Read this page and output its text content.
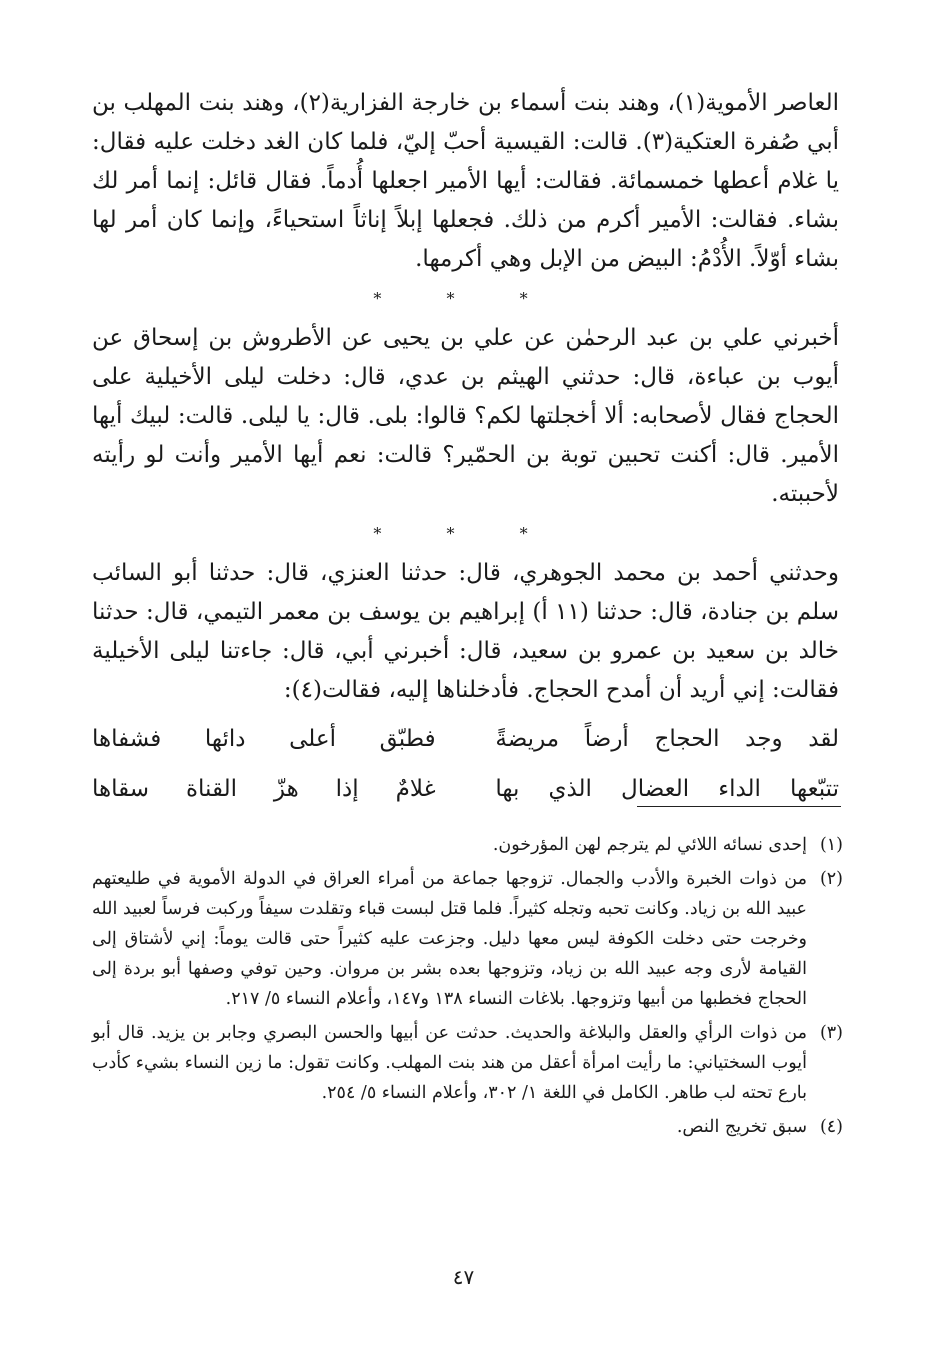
العاصر الأموية(١)، وهند بنت أسماء بن خارجة الفزارية(٢)، وهند بنت المهلب بن أبي صُفرة العتكية(٣). قالت: القيسية أحبّ إليّ، فلما كان الغد دخلت عليه فقال: يا غلام أعطها خمسمائة. فقالت: أيها الأمير اجعلها أُدماً. فقال قائل: إنما أمر لك بشاء. فقالت: الأمير أكرم من ذلك. فجعلها إبلاً إناثاً استحياءً، وإنما كان أمر لها بشاء أوّلاً. الأُدْمُ: البيض من الإبل وهي أكرمها.

* * *

أخبرني علي بن عبد الرحمٰن عن علي بن يحيى عن الأطروش بن إسحاق عن أيوب بن عباءة، قال: حدثني الهيثم بن عدي، قال: دخلت ليلى الأخيلية على الحجاج فقال لأصحابه: ألا أخجلتها لكم؟ قالوا: بلى. قال: يا ليلى. قالت: لبيك أيها الأمير. قال: أكنت تحبين توبة بن الحمّير؟ قالت: نعم أيها الأمير وأنت لو رأيته لأحببته.

* * *

وحدثني أحمد بن محمد الجوهري، قال: حدثنا العنزي، قال: حدثنا أبو السائب سلم بن جنادة، قال: حدثنا (١١ أ) إبراهيم بن يوسف بن معمر التيمي، قال: حدثنا خالد بن سعيد بن عمرو بن سعيد، قال: أخبرني أبي، قال: جاءتنا ليلى الأخيلية فقالت: إني أريد أن أمدح الحجاج. فأدخلناها إليه، فقالت(٤):

لقد وجد الحجاج أرضاً مريضةً
فطبّق أعلى دائها فشفاها
تتبّعها الداء العضال الذي بها
غلامٌ إذا هزّ القناة سقاها
(١)
إحدى نسائه اللائي لم يترجم لهن المؤرخون.
(٢)
من ذوات الخبرة والأدب والجمال. تزوجها جماعة من أمراء العراق في الدولة الأموية في طليعتهم عبيد الله بن زياد. وكانت تحبه وتجله كثيراً. فلما قتل لبست قباء وتقلدت سيفاً وركبت فرساً لعبيد الله وخرجت حتى دخلت الكوفة ليس معها دليل. وجزعت عليه كثيراً حتى قالت يوماً: إني لأشتاق إلى القيامة لأرى وجه عبيد الله بن زياد، وتزوجها بعده بشر بن مروان. وحين توفي وصفها أبو بردة إلى الحجاج فخطبها من أبيها وتزوجها. بلاغات النساء ١٣٨ و١٤٧، وأعلام النساء ٥/ ٢١٧.
(٣)
من ذوات الرأي والعقل والبلاغة والحديث. حدثت عن أبيها والحسن البصري وجابر بن يزيد. قال أبو أيوب السختياني: ما رأيت امرأة أعقل من هند بنت المهلب. وكانت تقول: ما زين النساء بشيء كأدب بارع تحته لب طاهر. الكامل في اللغة ١/ ٣٠٢، وأعلام النساء ٥/ ٢٥٤.
(٤)
سبق تخريج النص.
٤٧
